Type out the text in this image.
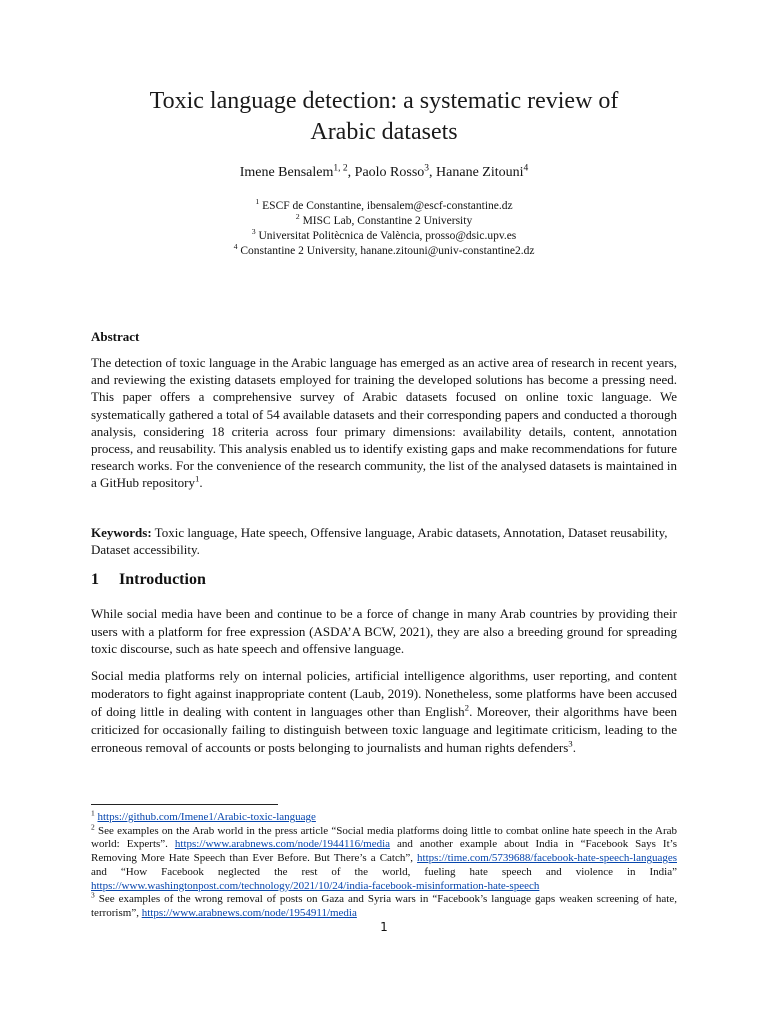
Toxic language detection: a systematic review of
Arabic datasets
Imene Bensalem$^{1, 2}$, Paolo Rosso$^3$, Hanane Zitouni$^4$
$^1$ ESCF de Constantine, ibensalem@escf-constantine.dz
$^2$ MISC Lab, Constantine 2 University
$^3$ Universitat Politècnica de València, prosso@dsic.upv.es
$^4$ Constantine 2 University, hanane.zitouni@univ-constantine2.dz
Abstract

The detection of toxic language in the Arabic language has emerged as an active area of research in recent years, and reviewing the existing datasets employed for training the developed solutions has become a pressing need. This paper offers a comprehensive survey of Arabic datasets focused on online toxic language. We systematically gathered a total of 54 available datasets and their corresponding papers and conducted a thorough analysis, considering 18 criteria across four primary dimensions: availability details, content, annotation process, and reusability. This analysis enabled us to identify existing gaps and make recommendations for future research works. For the convenience of the research community, the list of the analysed datasets is maintained in a GitHub repository$^1$.

Keywords: Toxic language, Hate speech, Offensive language, Arabic datasets, Annotation, Dataset reusability, Dataset accessibility.

1 Introduction

While social media have been and continue to be a force of change in many Arab countries by providing their users with a platform for free expression (ASDA’A BCW, 2021), they are also a breeding ground for spreading toxic discourse, such as hate speech and offensive language.

Social media platforms rely on internal policies, artificial intelligence algorithms, user reporting, and content moderators to fight against inappropriate content (Laub, 2019). Nonetheless, some platforms have been accused of doing little in dealing with content in languages other than English$^2$. Moreover, their algorithms have been criticized for occasionally failing to distinguish between toxic language and legitimate criticism, leading to the erroneous removal of accounts or posts belonging to journalists and human rights defenders$^3$.

$^1$ https://github.com/Imene1/Arabic-toxic-language

$^2$ See examples on the Arab world in the press article “Social media platforms doing little to combat online hate speech in the Arab world: Experts”. https://www.arabnews.com/node/1944116/media and another example about India in “Facebook Says It’s Removing More Hate Speech than Ever Before. But There’s a Catch”, https://time.com/5739688/facebook-hate-speech-languages and “How Facebook neglected the rest of the world, fueling hate speech and violence in India” https://www.washingtonpost.com/technology/2021/10/24/india-facebook-misinformation-hate-speech

$^3$ See examples of the wrong removal of posts on Gaza and Syria wars in “Facebook’s language gaps weaken screening of hate, terrorism”, https://www.arabnews.com/node/1954911/media

1
